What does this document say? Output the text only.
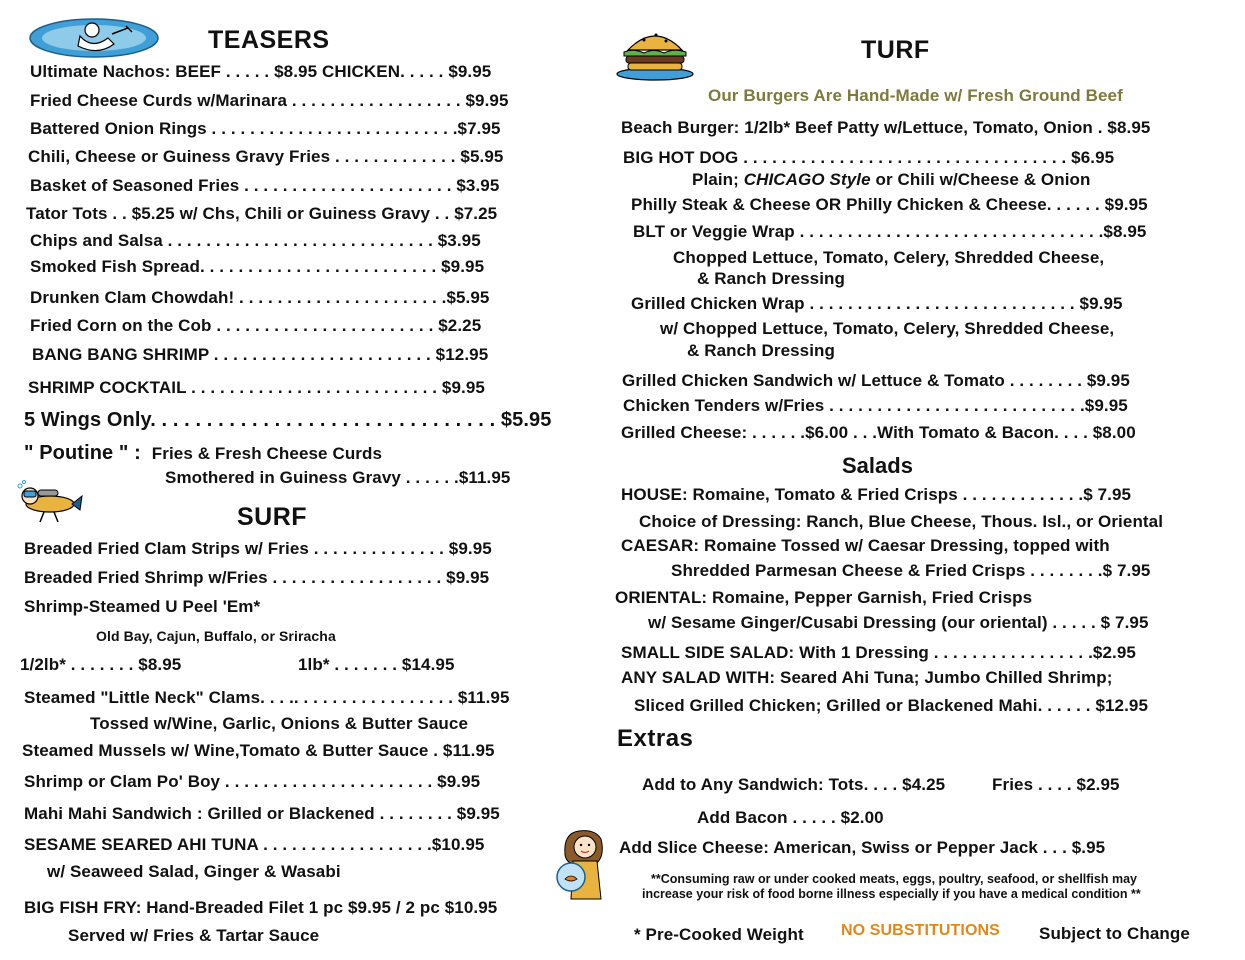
TEASERS
Ultimate Nachos: BEEF . . . . . $8.95 CHICKEN. . . . . $9.95
Fried Cheese Curds w/Marinara . . . . . . . . . . . . . . . . . . $9.95
Battered Onion Rings . . . . . . . . . . . . . . . . . . . . . . . . . .$7.95
Chili, Cheese or Guiness Gravy Fries . . . . . . . . . . . . . $5.95
Basket of Seasoned Fries . . . . . . . . . . . . . . . . . . . . . . $3.95
Tator Tots . . $5.25 w/ Chs, Chili or Guiness Gravy . . $7.25
Chips and Salsa . . . . . . . . . . . . . . . . . . . . . . . . . . . . $3.95
Smoked Fish Spread. . . . . . . . . . . . . . . . . . . . . . . . . $9.95
Drunken Clam Chowdah! . . . . . . . . . . . . . . . . . . . . . .$5.95
Fried Corn on the Cob . . . . . . . . . . . . . . . . . . . . . . . $2.25
BANG BANG SHRIMP . . . . . . . . . . . . . . . . . . . . . . . $12.95
SHRIMP COCKTAIL . . . . . . . . . . . . . . . . . . . . . . . . . . $9.95
5 Wings Only. . . . . . . . . . . . . . . . . . . . . . . . . . . . . . . $5.95
" Poutine " : Fries & Fresh Cheese Curds
Smothered in Guiness Gravy . . . . . .$11.95
SURF
Breaded Fried Clam Strips w/ Fries . . . . . . . . . . . . . . $9.95
Breaded Fried Shrimp w/Fries . . . . . . . . . . . . . . . . . . $9.95
Shrimp-Steamed U Peel 'Em*
Old Bay, Cajun, Buffalo, or Sriracha
1/2lb* . . . . . . . $8.95	1lb* . . . . . . . $14.95
Steamed "Little Neck" Clams. . . .. . . . . . . . . . . . . . . . . $11.95
Tossed w/Wine, Garlic, Onions & Butter Sauce
Steamed Mussels w/ Wine,Tomato & Butter Sauce . $11.95
Shrimp or Clam Po' Boy . . . . . . . . . . . . . . . . . . . . . . $9.95
Mahi Mahi Sandwich : Grilled or Blackened . . . . . . . . $9.95
SESAME SEARED AHI TUNA . . . . . . . . . . . . . . . . . .$10.95
w/ Seaweed Salad, Ginger & Wasabi
BIG FISH FRY: Hand-Breaded Filet 1 pc $9.95 / 2 pc $10.95
Served w/ Fries & Tartar Sauce
TURF
Our Burgers Are Hand-Made w/ Fresh Ground Beef
Beach Burger: 1/2lb* Beef Patty w/Lettuce, Tomato, Onion . $8.95
BIG HOT DOG . . . . . . . . . . . . . . . . . . . . . . . . . . . . . . . . . . $6.95
Plain; CHICAGO Style or Chili w/Cheese & Onion
Philly Steak & Cheese OR Philly Chicken & Cheese. . . . . . $9.95
BLT or Veggie Wrap . . . . . . . . . . . . . . . . . . . . . . . . . . . . . . . .$8.95
Chopped Lettuce, Tomato, Celery, Shredded Cheese,
& Ranch Dressing
Grilled Chicken Wrap . . . . . . . . . . . . . . . . . . . . . . . . . . . . $9.95
w/ Chopped Lettuce, Tomato, Celery, Shredded Cheese,
& Ranch Dressing
Grilled Chicken Sandwich w/ Lettuce & Tomato . . . . . . . . $9.95
Chicken Tenders w/Fries . . . . . . . . . . . . . . . . . . . . . . . . . . .$9.95
Grilled Cheese: . . . . . .$6.00 . . .With Tomato & Bacon. . . . $8.00
Salads
HOUSE: Romaine, Tomato & Fried Crisps . . . . . . . . . . . . .$ 7.95
Choice of Dressing: Ranch, Blue Cheese, Thous. Isl., or Oriental
CAESAR: Romaine Tossed w/ Caesar Dressing, topped with
Shredded Parmesan Cheese & Fried Crisps . . . . . . . .$ 7.95
ORIENTAL: Romaine, Pepper Garnish, Fried Crisps
w/ Sesame Ginger/Cusabi Dressing (our oriental) . . . . . $ 7.95
SMALL SIDE SALAD: With 1 Dressing . . . . . . . . . . . . . . . . .$2.95
ANY SALAD WITH: Seared Ahi Tuna; Jumbo Chilled Shrimp;
Sliced Grilled Chicken; Grilled or Blackened Mahi. . . . . . $12.95
Extras
Add to Any Sandwich: Tots. . . . $4.25	Fries . . . . $2.95
Add Bacon . . . . . $2.00
Add Slice Cheese: American, Swiss or Pepper Jack . . . $.95
**Consuming raw or under cooked meats, eggs, poultry, seafood, or shellfish may
increase your risk of food borne illness especially if you have a medical condition **
* Pre-Cooked Weight NO SUBSTITUTIONS Subject to Change
